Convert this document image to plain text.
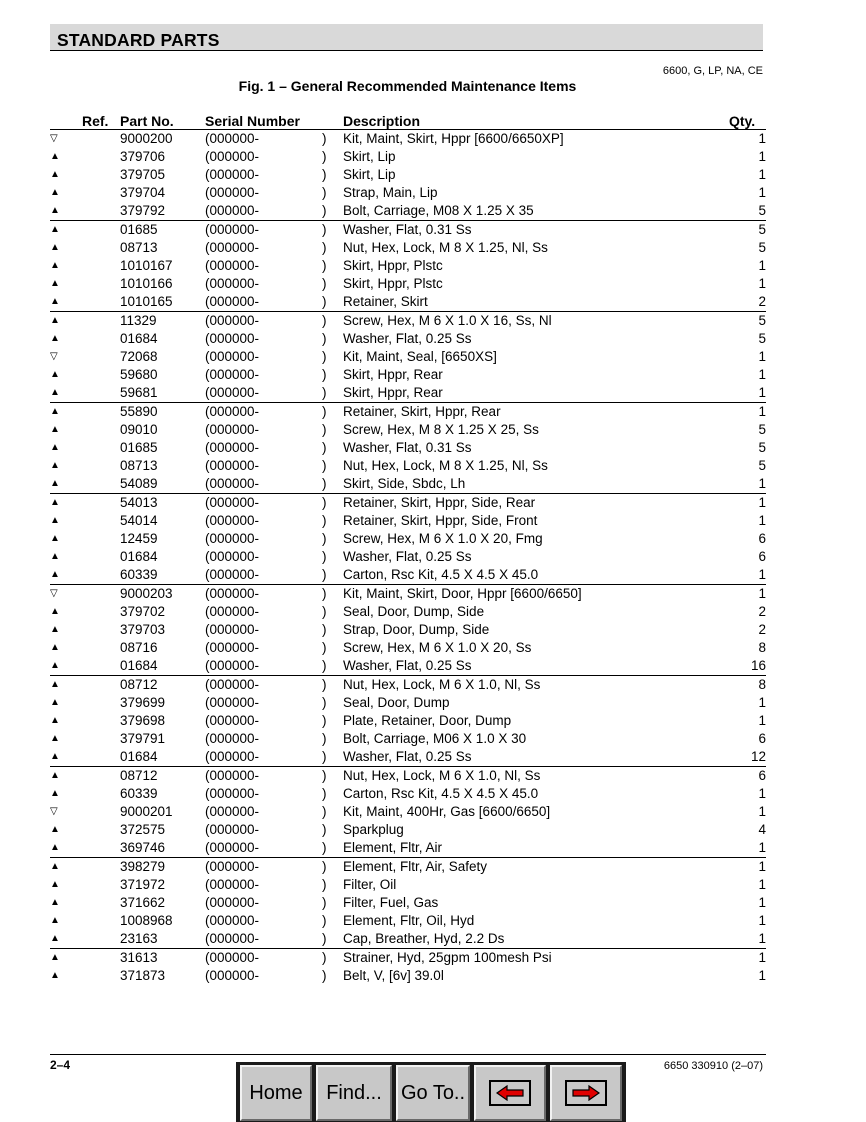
STANDARD PARTS
6600, G, LP, NA, CE
Fig. 1 – General Recommended Maintenance Items
Ref. Part No. Serial Number	Description	Qty.
▽	9000200	(000000-	)	Kit, Maint, Skirt, Hppr [6600/6650XP]	1
▲	379706	(000000-	)	Skirt, Lip	1
▲	379705	(000000-	)	Skirt, Lip	1
▲	379704	(000000-	)	Strap, Main, Lip	1
▲	379792	(000000-	)	Bolt, Carriage, M08 X 1.25 X 35	5
▲	01685	(000000-	)	Washer, Flat, 0.31 Ss	5
▲	08713	(000000-	)	Nut, Hex, Lock, M 8 X 1.25, Nl, Ss	5
▲	1010167	(000000-	)	Skirt, Hppr, Plstc	1
▲	1010166	(000000-	)	Skirt, Hppr, Plstc	1
▲	1010165	(000000-	)	Retainer, Skirt	2
▲	11329	(000000-	)	Screw, Hex, M 6 X 1.0 X 16, Ss, Nl	5
▲	01684	(000000-	)	Washer, Flat, 0.25 Ss	5
▽	72068	(000000-	)	Kit, Maint, Seal, [6650XS]	1
▲	59680	(000000-	)	Skirt, Hppr, Rear	1
▲	59681	(000000-	)	Skirt, Hppr, Rear	1
▲	55890	(000000-	)	Retainer, Skirt, Hppr, Rear	1
▲	09010	(000000-	)	Screw, Hex, M 8 X 1.25 X 25, Ss	5
▲	01685	(000000-	)	Washer, Flat, 0.31 Ss	5
▲	08713	(000000-	)	Nut, Hex, Lock, M 8 X 1.25, Nl, Ss	5
▲	54089	(000000-	)	Skirt, Side, Sbdc, Lh	1
▲	54013	(000000-	)	Retainer, Skirt, Hppr, Side, Rear	1
▲	54014	(000000-	)	Retainer, Skirt, Hppr, Side, Front	1
▲	12459	(000000-	)	Screw, Hex, M 6 X 1.0 X 20, Fmg	6
▲	01684	(000000-	)	Washer, Flat, 0.25 Ss	6
▲	60339	(000000-	)	Carton, Rsc Kit, 4.5 X 4.5 X 45.0	1
▽	9000203	(000000-	)	Kit, Maint, Skirt, Door, Hppr [6600/6650]	1
▲	379702	(000000-	)	Seal, Door, Dump, Side	2
▲	379703	(000000-	)	Strap, Door, Dump, Side	2
▲	08716	(000000-	)	Screw, Hex, M 6 X 1.0 X 20, Ss	8
▲	01684	(000000-	)	Washer, Flat, 0.25 Ss	16
▲	08712	(000000-	)	Nut, Hex, Lock, M 6 X 1.0, Nl, Ss	8
▲	379699	(000000-	)	Seal, Door, Dump	1
▲	379698	(000000-	)	Plate, Retainer, Door, Dump	1
▲	379791	(000000-	)	Bolt, Carriage, M06 X 1.0 X 30	6
▲	01684	(000000-	)	Washer, Flat, 0.25 Ss	12
▲	08712	(000000-	)	Nut, Hex, Lock, M 6 X 1.0, Nl, Ss	6
▲	60339	(000000-	)	Carton, Rsc Kit, 4.5 X 4.5 X 45.0	1
▽	9000201	(000000-	)	Kit, Maint, 400Hr, Gas [6600/6650]	1
▲	372575	(000000-	)	Sparkplug	4
▲	369746	(000000-	)	Element, Fltr, Air	1
▲	398279	(000000-	)	Element, Fltr, Air, Safety	1
▲	371972	(000000-	)	Filter, Oil	1
▲	371662	(000000-	)	Filter, Fuel, Gas	1
▲	1008968	(000000-	)	Element, Fltr, Oil, Hyd	1
▲	23163	(000000-	)	Cap, Breather, Hyd, 2.2 Ds	1
▲	31613	(000000-	)	Strainer, Hyd, 25gpm 100mesh Psi	1
▲	371873	(000000-	)	Belt, V, [6v] 39.0l	1
2–4	6650 330910 (2–07)
Home	Find... Go To..
